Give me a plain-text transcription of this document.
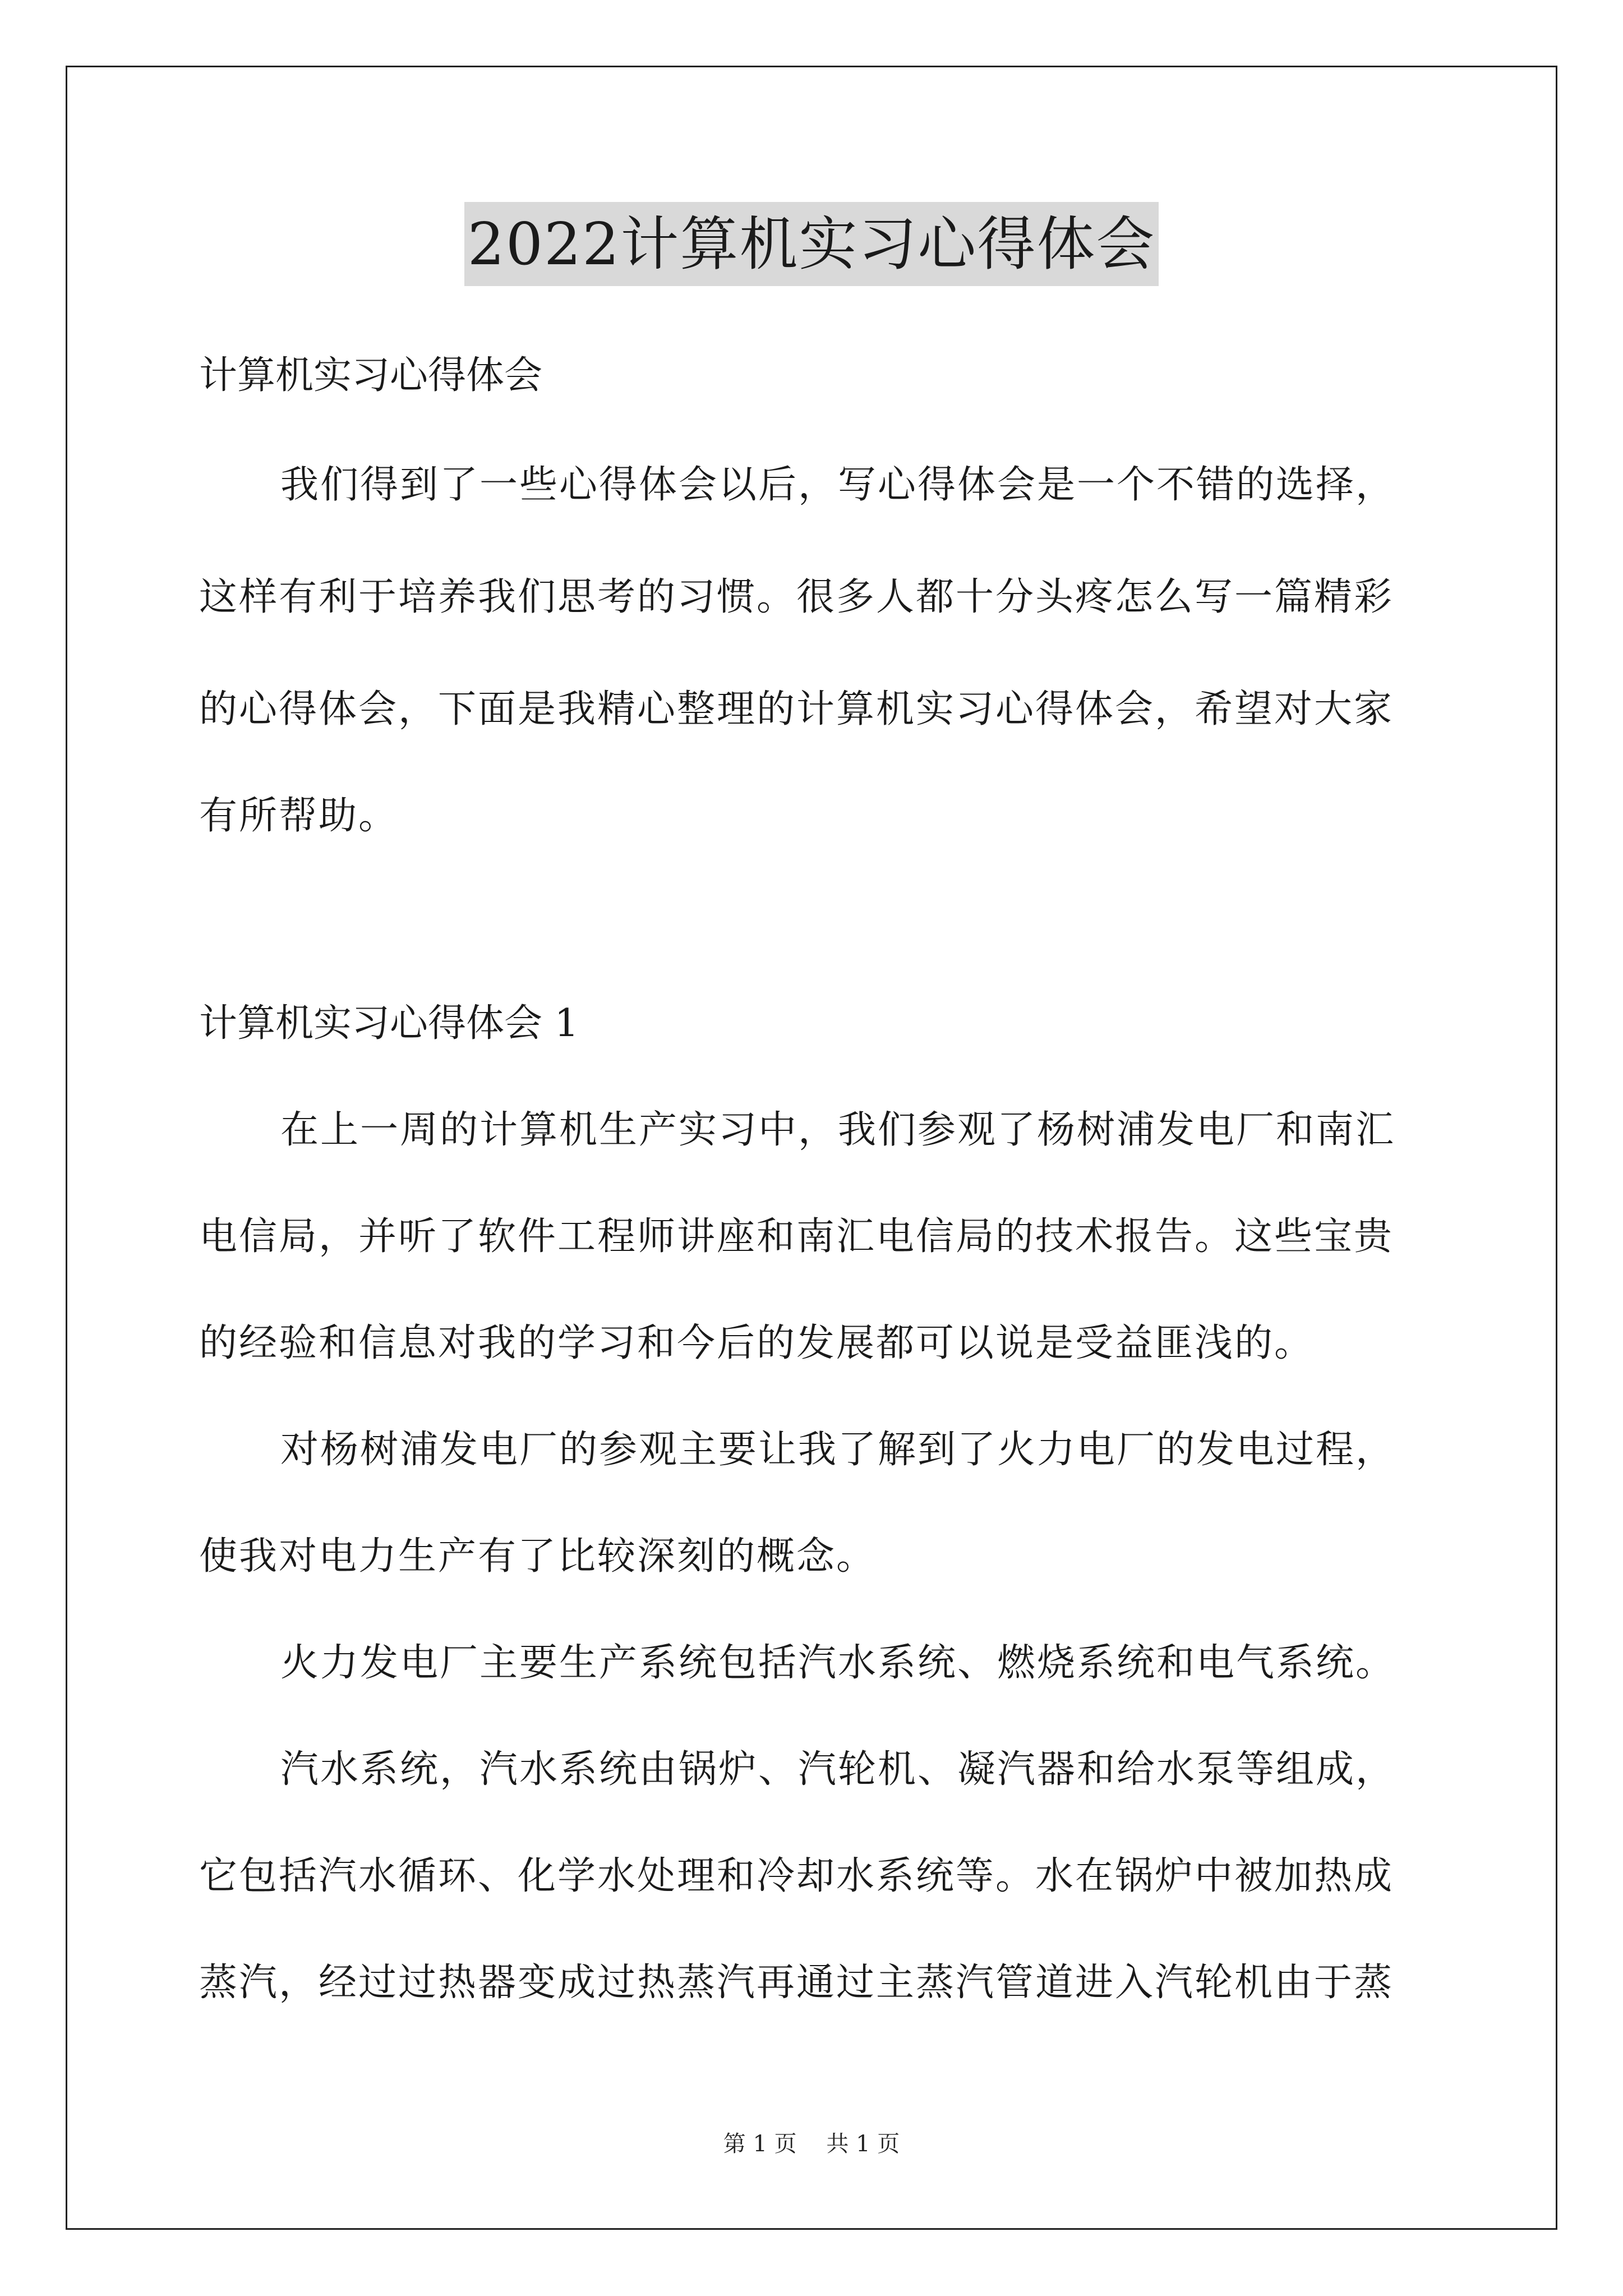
2022计算机实习心得体会
计算机实习心得体会
我们得到了一些心得体会以后，写心得体会是一个不错的选择，
这样有利于培养我们思考的习惯。很多人都十分头疼怎么写一篇精彩
的心得体会，下面是我精心整理的计算机实习心得体会，希望对大家
有所帮助。
计算机实习心得体会 1
在上一周的计算机生产实习中，我们参观了杨树浦发电厂和南汇
电信局，并听了软件工程师讲座和南汇电信局的技术报告。这些宝贵
的经验和信息对我的学习和今后的发展都可以说是受益匪浅的。
对杨树浦发电厂的参观主要让我了解到了火力电厂的发电过程，
使我对电力生产有了比较深刻的概念。
火力发电厂主要生产系统包括汽水系统、燃烧系统和电气系统。
汽水系统，汽水系统由锅炉、汽轮机、凝汽器和给水泵等组成，
它包括汽水循环、化学水处理和冷却水系统等。水在锅炉中被加热成
蒸汽，经过过热器变成过热蒸汽再通过主蒸汽管道进入汽轮机由于蒸
第 1 页 共 1 页
